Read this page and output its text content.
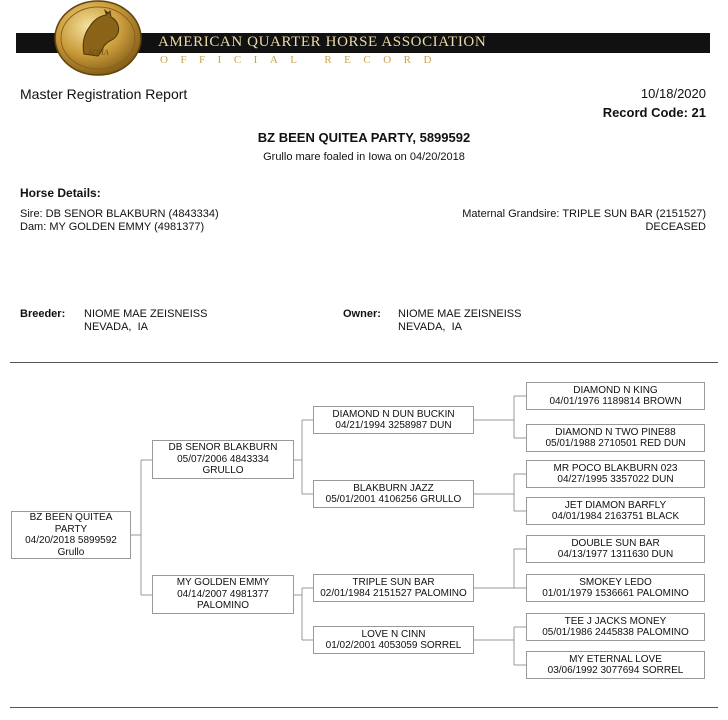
AQHA
AMERICAN QUARTER HORSE ASSOCIATION
OFFICIAL RECORD
Master Registration Report	10/18/2020
Record Code: 21
BZ BEEN QUITEA PARTY, 5899592
Grullo mare foaled in Iowa on 04/20/2018
Horse Details:
Sire: DB SENOR BLAKBURN (4843334)
Dam: MY GOLDEN EMMY (4981377)
Maternal Grandsire: TRIPLE SUN BAR (2151527)
DECEASED
Breeder: NIOME MAE ZEISNEISS
NEVADA,  IA
Owner: NIOME MAE ZEISNEISS
NEVADA,  IA
BZ BEEN QUITEA
PARTY
04/20/2018 5899592
Grullo
DB SENOR BLAKBURN
05/07/2006 4843334
GRULLO
MY GOLDEN EMMY
04/14/2007 4981377
PALOMINO
DIAMOND N DUN BUCKIN
04/21/1994 3258987 DUN
BLAKBURN JAZZ
05/01/2001 4106256 GRULLO
TRIPLE SUN BAR
02/01/1984 2151527 PALOMINO
LOVE N CINN
01/02/2001 4053059 SORREL
DIAMOND N KING
04/01/1976 1189814 BROWN
DIAMOND N TWO PINE88
05/01/1988 2710501 RED DUN
MR POCO BLAKBURN 023
04/27/1995 3357022 DUN
JET DIAMON BARFLY
04/01/1984 2163751 BLACK
DOUBLE SUN BAR
04/13/1977 1311630 DUN
SMOKEY LEDO
01/01/1979 1536661 PALOMINO
TEE J JACKS MONEY
05/01/1986 2445838 PALOMINO
MY ETERNAL LOVE
03/06/1992 3077694 SORREL
